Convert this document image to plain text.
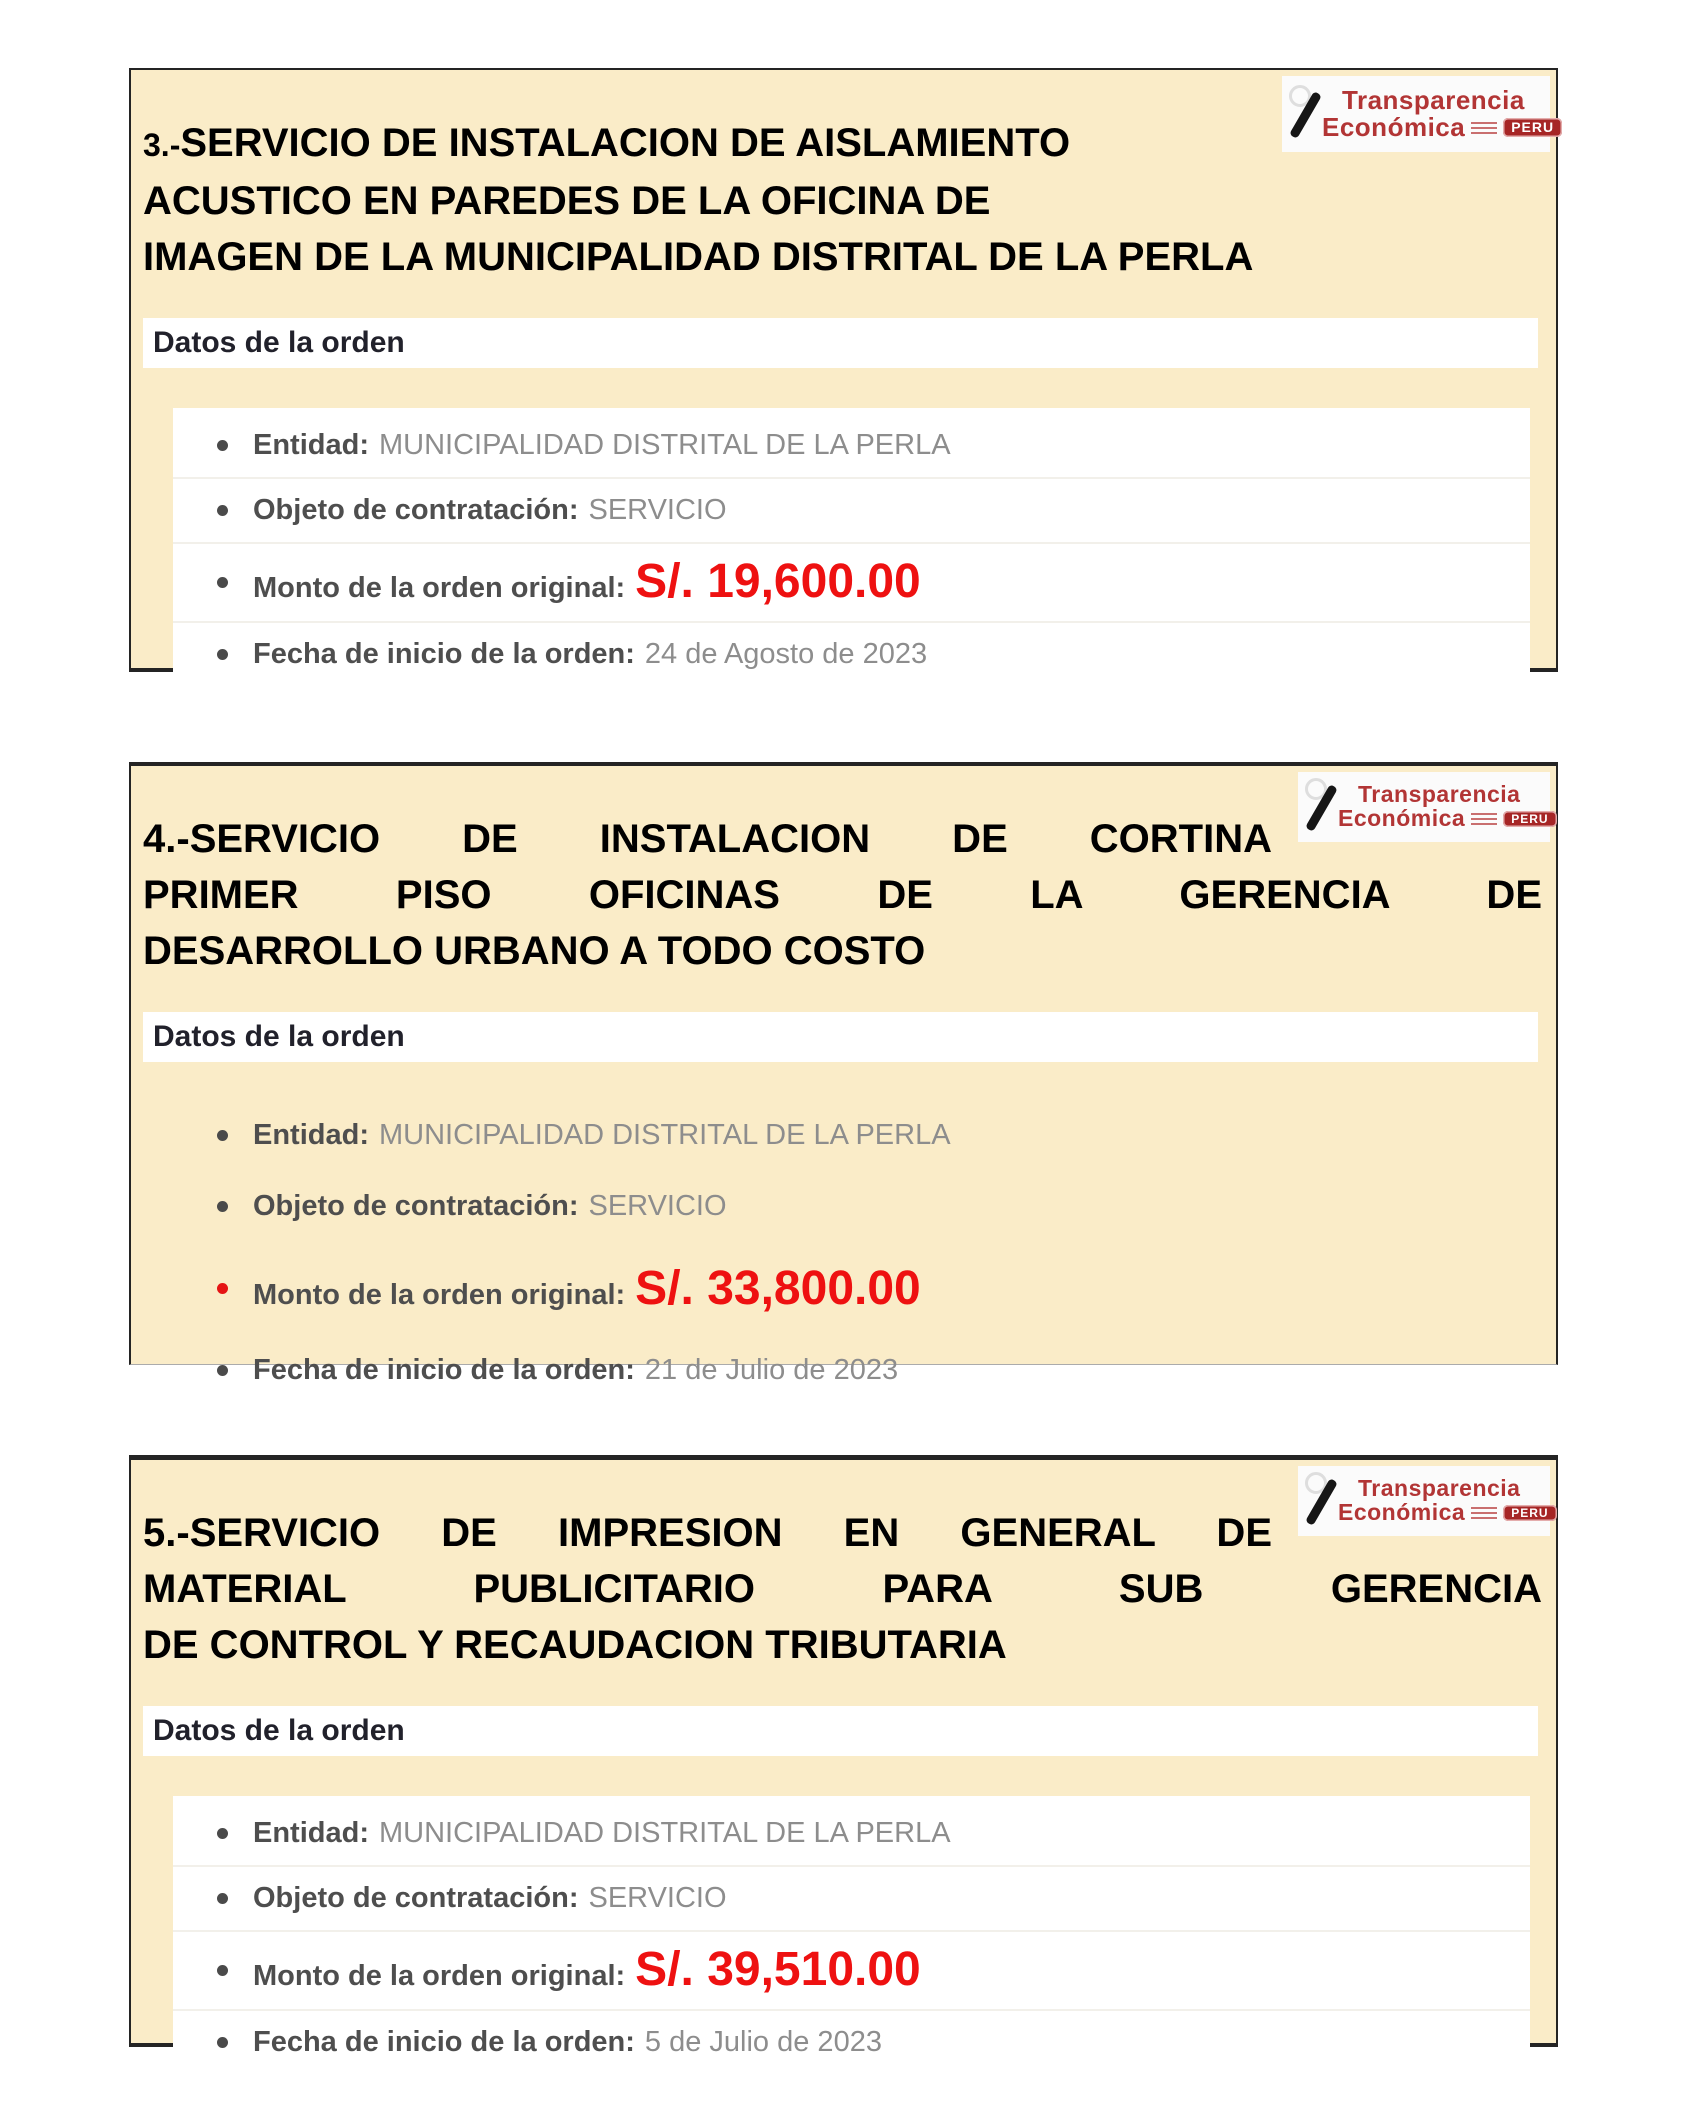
Transparencia
Económica	PERU
3.-SERVICIO DE INSTALACION DE AISLAMIENTO
ACUSTICO EN PAREDES DE LA OFICINA DE
IMAGEN DE LA MUNICIPALIDAD DISTRITAL DE LA PERLA
Datos de la orden
Entidad: MUNICIPALIDAD DISTRITAL DE LA PERLA
Objeto de contratación: SERVICIO
Monto de la orden original: S/. 19,600.00
Fecha de inicio de la orden: 24 de Agosto de 2023
Transparencia
Económica	PERU
4.-SERVICIO DE INSTALACION DE CORTINA
PRIMER PISO OFICINAS DE LA GERENCIA DE
DESARROLLO URBANO A TODO COSTO
Datos de la orden
Entidad: MUNICIPALIDAD DISTRITAL DE LA PERLA
Objeto de contratación: SERVICIO
Monto de la orden original: S/. 33,800.00
Fecha de inicio de la orden: 21 de Julio de 2023
Transparencia
Económica	PERU
5.-SERVICIO DE IMPRESION EN GENERAL DE
MATERIAL PUBLICITARIO PARA SUB GERENCIA
DE CONTROL Y RECAUDACION TRIBUTARIA
Datos de la orden
Entidad: MUNICIPALIDAD DISTRITAL DE LA PERLA
Objeto de contratación: SERVICIO
Monto de la orden original: S/. 39,510.00
Fecha de inicio de la orden: 5 de Julio de 2023
